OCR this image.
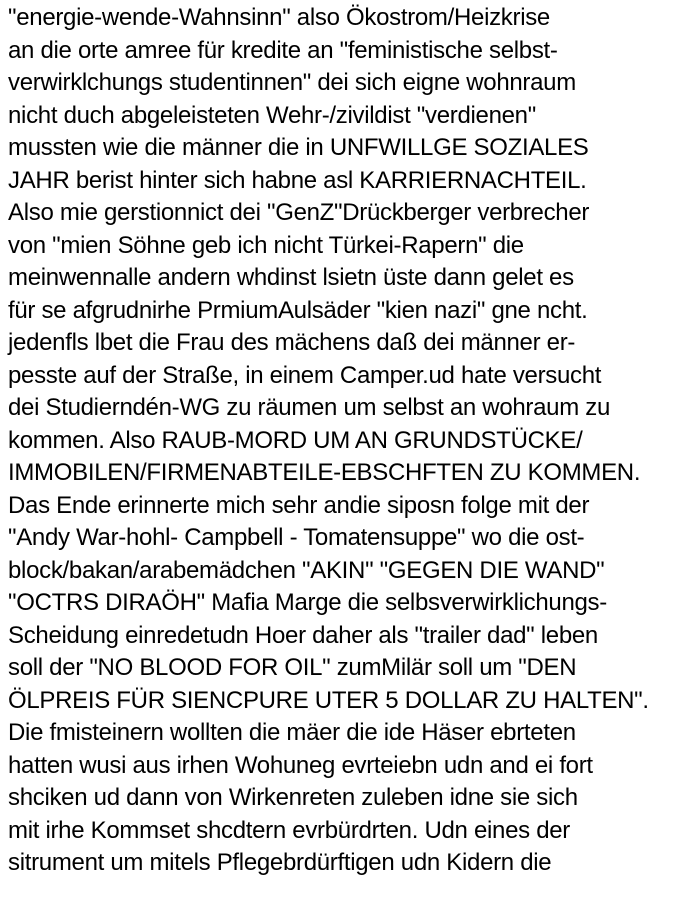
"energie-wende-Wahnsinn" also Ökostrom/Heizkrise
an die orte amree für kredite an "feministische selbst-
verwirklchungs studentinnen" dei sich eigne wohnraum
nicht duch abgeleisteten Wehr-/zivildist "verdienen"
mussten wie die männer die in UNFWILLGE SOZIALES
JAHR berist hinter sich habne asl KARRIERNACHTEIL.
Also mie gerstionnict dei "GenZ"Drückberger verbrecher
von "mien Söhne geb ich nicht Türkei-Rapern" die
meinwennalle andern whdinst lsietn üste dann gelet es
für se afgrudnirhe PrmiumAulsäder "kien nazi" gne ncht.
jedenfls lbet die Frau des mächens daß dei männer er-
pesste auf der Straße, in einem Camper.ud hate versucht
dei Studierndén-WG zu räumen um selbst an wohraum zu
kommen. Also RAUB-MORD UM AN GRUNDSTÜCKE/
IMMOBILEN/FIRMENABTEILE-EBSCHFTEN ZU KOMMEN.
Das Ende erinnerte mich sehr andie siposn folge mit der
"Andy War-hohl- Campbell - Tomatensuppe" wo die ost-
block/bakan/arabemädchen "AKIN" "GEGEN DIE WAND"
"OCTRS DIRAÖH" Mafia Marge die selbsverwirklichungs-
Scheidung einredetudn Hoer daher als "trailer dad" leben
soll der "NO BLOOD FOR OIL" zumMilär soll um "DEN
ÖLPREIS FÜR SIENCPURE UTER 5 DOLLAR ZU HALTEN".
Die fmisteinern wollten die mäer die ide Häser ebrteten
hatten wusi aus irhen Wohuneg evrteiebn udn and ei fort
shciken ud dann von Wirkenreten zuleben idne sie sich
mit irhe Kommset shcdtern evrbürdrten. Udn eines der
sitrument um mitels Pflegebrdürftigen udn Kidern die
